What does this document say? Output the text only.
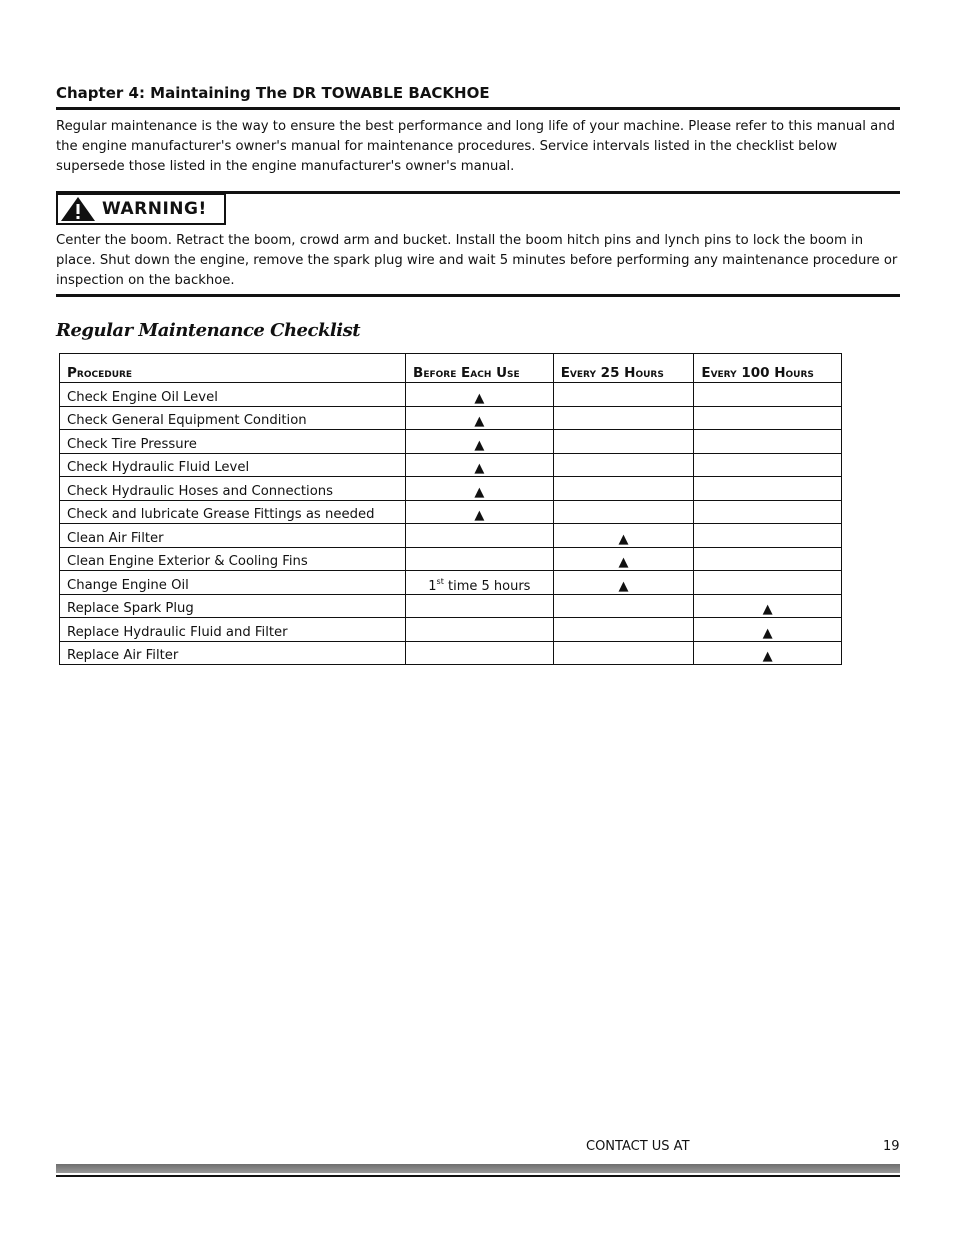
Chapter 4: Maintaining The DR TOWABLE BACKHOE

Regular maintenance is the way to ensure the best performance and long life of your machine. Please refer to this manual and the engine manufacturer's owner's manual for maintenance procedures. Service intervals listed in the checklist below supersede those listed in the engine manufacturer's owner's manual.

WARNING!

Center the boom. Retract the boom, crowd arm and bucket. Install the boom hitch pins and lynch pins to lock the boom in place. Shut down the engine, remove the spark plug wire and wait 5 minutes before performing any maintenance procedure or inspection on the backhoe.

Regular Maintenance Checklist
Procedure	Before Each Use	Every 25 Hours	Every 100 Hours
Check Engine Oil Level	▲		
Check General Equipment Condition	▲		
Check Tire Pressure	▲		
Check Hydraulic Fluid Level	▲		
Check Hydraulic Hoses and Connections	▲		
Check and lubricate Grease Fittings as needed	▲		
Clean Air Filter		▲	
Clean Engine Exterior & Cooling Fins		▲	
Change Engine Oil	1st time 5 hours	▲	
Replace Spark Plug			▲
Replace Hydraulic Fluid and Filter			▲
Replace Air Filter			▲
CONTACT US AT	19
